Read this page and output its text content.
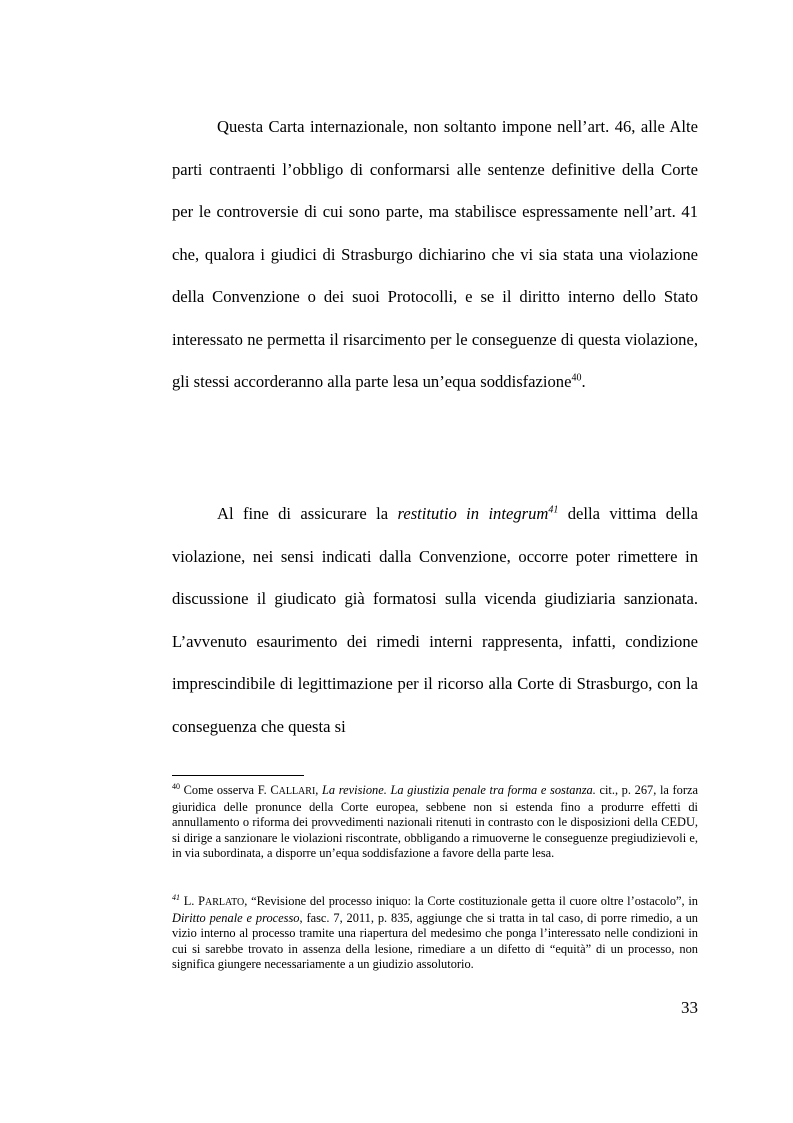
Questa Carta internazionale, non soltanto impone nell’art. 46, alle Alte parti contraenti l’obbligo di conformarsi alle sentenze definitive della Corte per le controversie di cui sono parte, ma stabilisce espressamente nell’art. 41 che, qualora i giudici di Strasburgo dichiarino che vi sia stata una violazione della Convenzione o dei suoi Protocolli, e se il diritto interno dello Stato interessato ne permetta il risarcimento per le conseguenze di questa violazione, gli stessi accorderanno alla parte lesa un’equa soddisfazione$^{40}$.

Al fine di assicurare la restitutio in integrum$^{41}$ della vittima della violazione, nei sensi indicati dalla Convenzione, occorre poter rimettere in discussione il giudicato già formatosi sulla vicenda giudiziaria sanzionata. L’avvenuto esaurimento dei rimedi interni rappresenta, infatti, condizione imprescindibile di legittimazione per il ricorso alla Corte di Strasburgo, con la conseguenza che questa si

$^{40}$ Come osserva F. CALLARI, La revisione. La giustizia penale tra forma e sostanza. cit., p. 267, la forza giuridica delle pronunce della Corte europea, sebbene non si estenda fino a produrre effetti di annullamento o riforma dei provvedimenti nazionali ritenuti in contrasto con le disposizioni della CEDU, si dirige a sanzionare le violazioni riscontrate, obbligando a rimuoverne le conseguenze pregiudizievoli e, in via subordinata, a disporre un’equa soddisfazione a favore della parte lesa.

$^{41}$ L. PARLATO, “Revisione del processo iniquo: la Corte costituzionale getta il cuore oltre l’ostacolo”, in Diritto penale e processo, fasc. 7, 2011, p. 835, aggiunge che si tratta in tal caso, di porre rimedio, a un vizio interno al processo tramite una riapertura del medesimo che ponga l’interessato nelle condizioni in cui si sarebbe trovato in assenza della lesione, rimediare a un difetto di “equità” di un processo, non significa giungere necessariamente a un giudizio assolutorio.

33
